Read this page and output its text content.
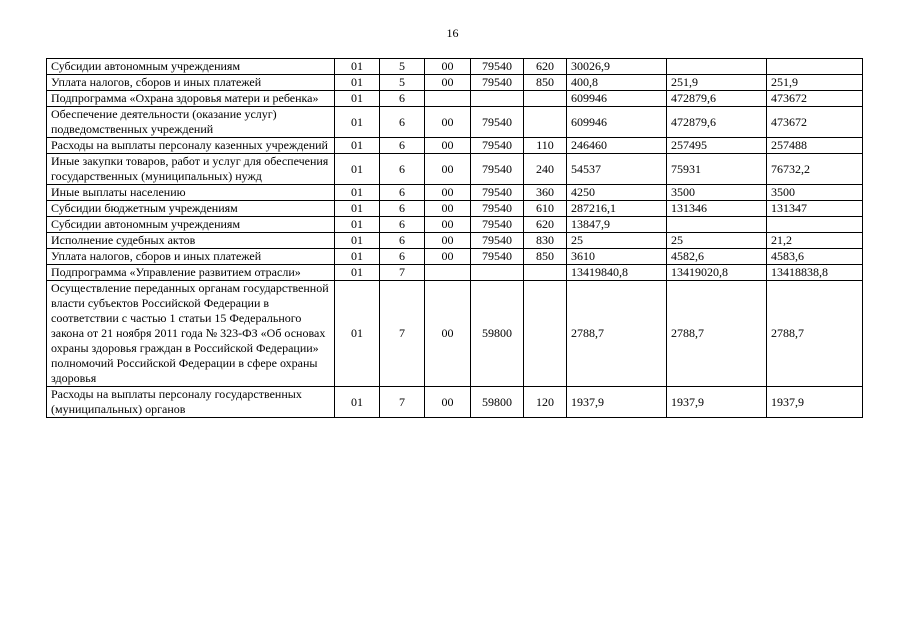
16
Субсидии автономным учреждениям	01	5	00	79540	620	30026,9		
Уплата налогов, сборов и иных платежей	01	5	00	79540	850	400,8	251,9	251,9
Подпрограмма «Охрана здоровья матери и ребенка»	01	6				609946	472879,6	473672
Обеспечение деятельности (оказание услуг) подведомственных учреждений	01	6	00	79540		609946	472879,6	473672
Расходы на выплаты персоналу казенных учреждений	01	6	00	79540	110	246460	257495	257488
Иные закупки товаров, работ и услуг для обеспечения государственных (муниципальных) нужд	01	6	00	79540	240	54537	75931	76732,2
Иные выплаты населению	01	6	00	79540	360	4250	3500	3500
Субсидии бюджетным учреждениям	01	6	00	79540	610	287216,1	131346	131347
Субсидии автономным учреждениям	01	6	00	79540	620	13847,9		
Исполнение судебных актов	01	6	00	79540	830	25	25	21,2
Уплата налогов, сборов и иных платежей	01	6	00	79540	850	3610	4582,6	4583,6
Подпрограмма «Управление развитием отрасли»	01	7				13419840,8	13419020,8	13418838,8
Осуществление переданных органам государственной власти субъектов Российской Федерации в соответствии с частью 1 статьи 15 Федерального закона от 21 ноября 2011 года № 323-ФЗ «Об основах охраны здоровья граждан в Российской Федерации» полномочий Российской Федерации в сфере охраны здоровья	01	7	00	59800		2788,7	2788,7	2788,7
Расходы на выплаты персоналу государственных (муниципальных) органов	01	7	00	59800	120	1937,9	1937,9	1937,9
